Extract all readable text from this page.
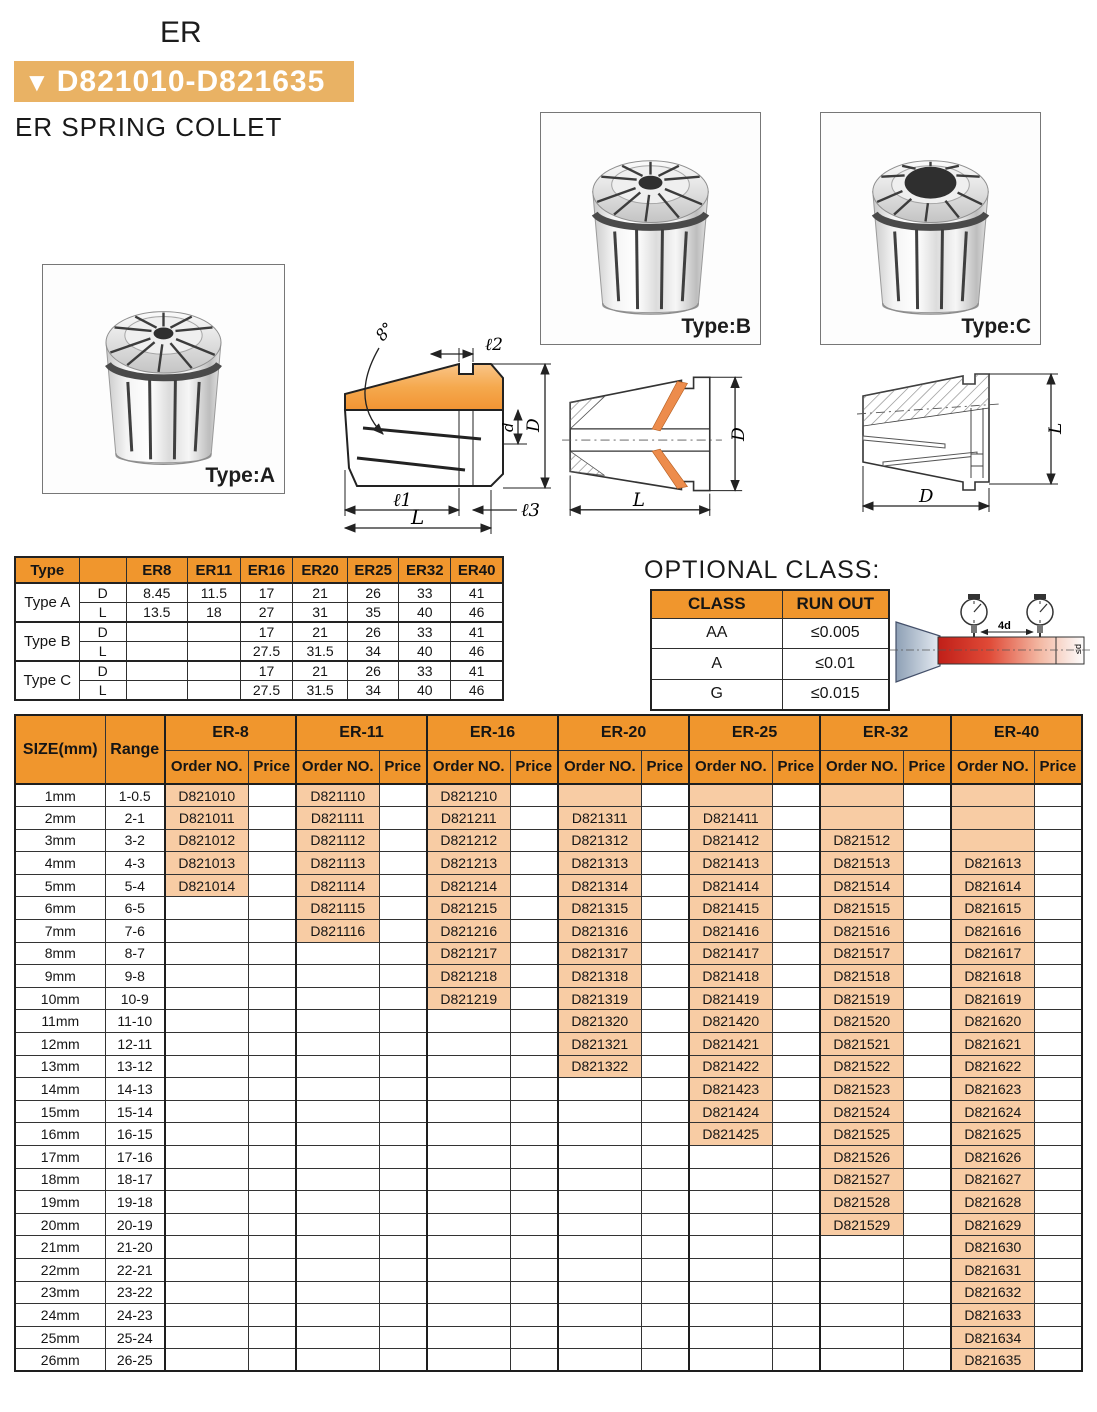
ER
▼ D821010-D821635
ER SPRING COLLET
Type:A
Type:B	Type:C
8°
ℓ2
d D
ℓ1	ℓ3
L
D
L
L
D
Type		ER8	ER11	ER16	ER20	ER25	ER32	ER40
Type A	D	8.45	11.5	17	21	26	33	41
	L	13.5	18	27	31	35	40	46
Type B	D			17	21	26	33	41
	L			27.5	31.5	34	40	46
Type C	D			17	21	26	33	41
	L			27.5	31.5	34	40	46
OPTIONAL CLASS:
CLASS	RUN OUT
AA	≤0.005
A	≤0.01
G	≤0.015
4d
≤d
SIZE(mm)	Range	ER-8		ER-11		ER-16		ER-20		ER-25		ER-32		ER-40	
		Order NO.	Price	Order NO.	Price	Order NO.	Price	Order NO.	Price	Order NO.	Price	Order NO.	Price	Order NO.	Price
1mm	1-0.5	D821010		D821110		D821210									
2mm	2-1	D821011		D821111		D821211		D821311		D821411					
3mm	3-2	D821012		D821112		D821212		D821312		D821412		D821512			
4mm	4-3	D821013		D821113		D821213		D821313		D821413		D821513		D821613	
5mm	5-4	D821014		D821114		D821214		D821314		D821414		D821514		D821614	
6mm	6-5			D821115		D821215		D821315		D821415		D821515		D821615	
7mm	7-6			D821116		D821216		D821316		D821416		D821516		D821616	
8mm	8-7					D821217		D821317		D821417		D821517		D821617	
9mm	9-8					D821218		D821318		D821418		D821518		D821618	
10mm	10-9					D821219		D821319		D821419		D821519		D821619	
11mm	11-10							D821320		D821420		D821520		D821620	
12mm	12-11							D821321		D821421		D821521		D821621	
13mm	13-12							D821322		D821422		D821522		D821622	
14mm	14-13									D821423		D821523		D821623	
15mm	15-14									D821424		D821524		D821624	
16mm	16-15									D821425		D821525		D821625	
17mm	17-16											D821526		D821626	
18mm	18-17											D821527		D821627	
19mm	19-18											D821528		D821628	
20mm	20-19											D821529		D821629	
21mm	21-20													D821630	
22mm	22-21													D821631	
23mm	23-22													D821632	
24mm	24-23													D821633	
25mm	25-24													D821634	
26mm	26-25													D821635	
